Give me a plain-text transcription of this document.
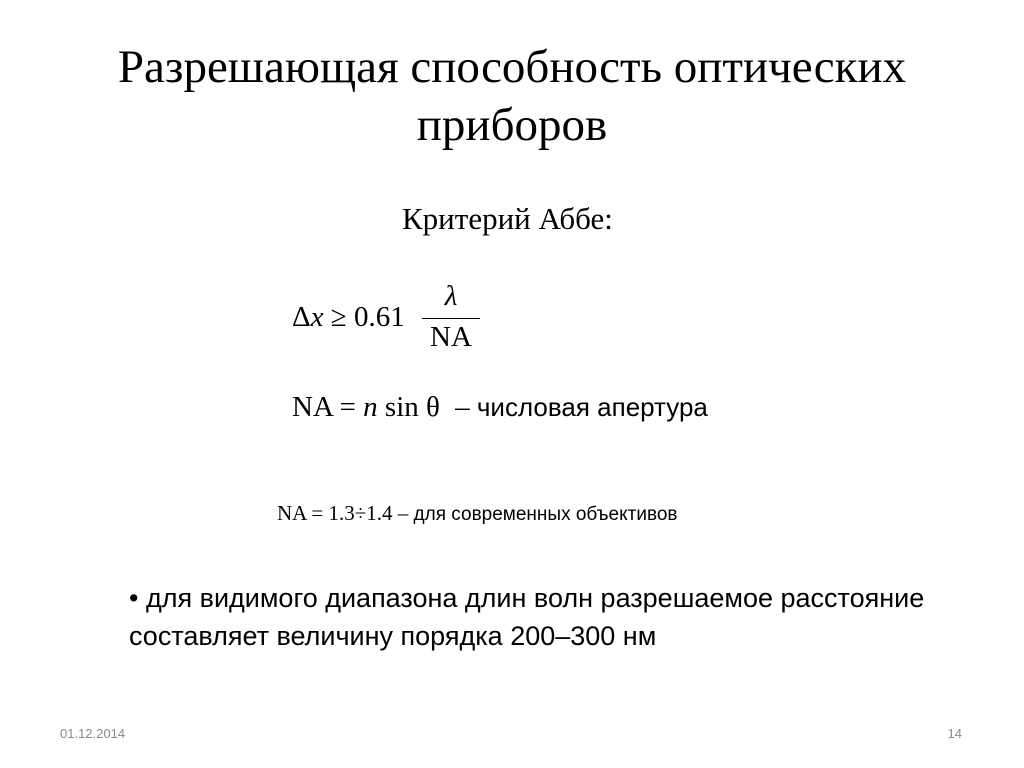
Разрешающая способность оптических приборов
Критерий Аббе:
Δx ≥ 0.61
λ
NA
NA = n sin θ – числовая апертура
NA = 1.3÷1.4 – для современных объективов
• для видимого диапазона длин волн разрешаемое расстояние составляет величину порядка 200–300 нм
01.12.2014	14
